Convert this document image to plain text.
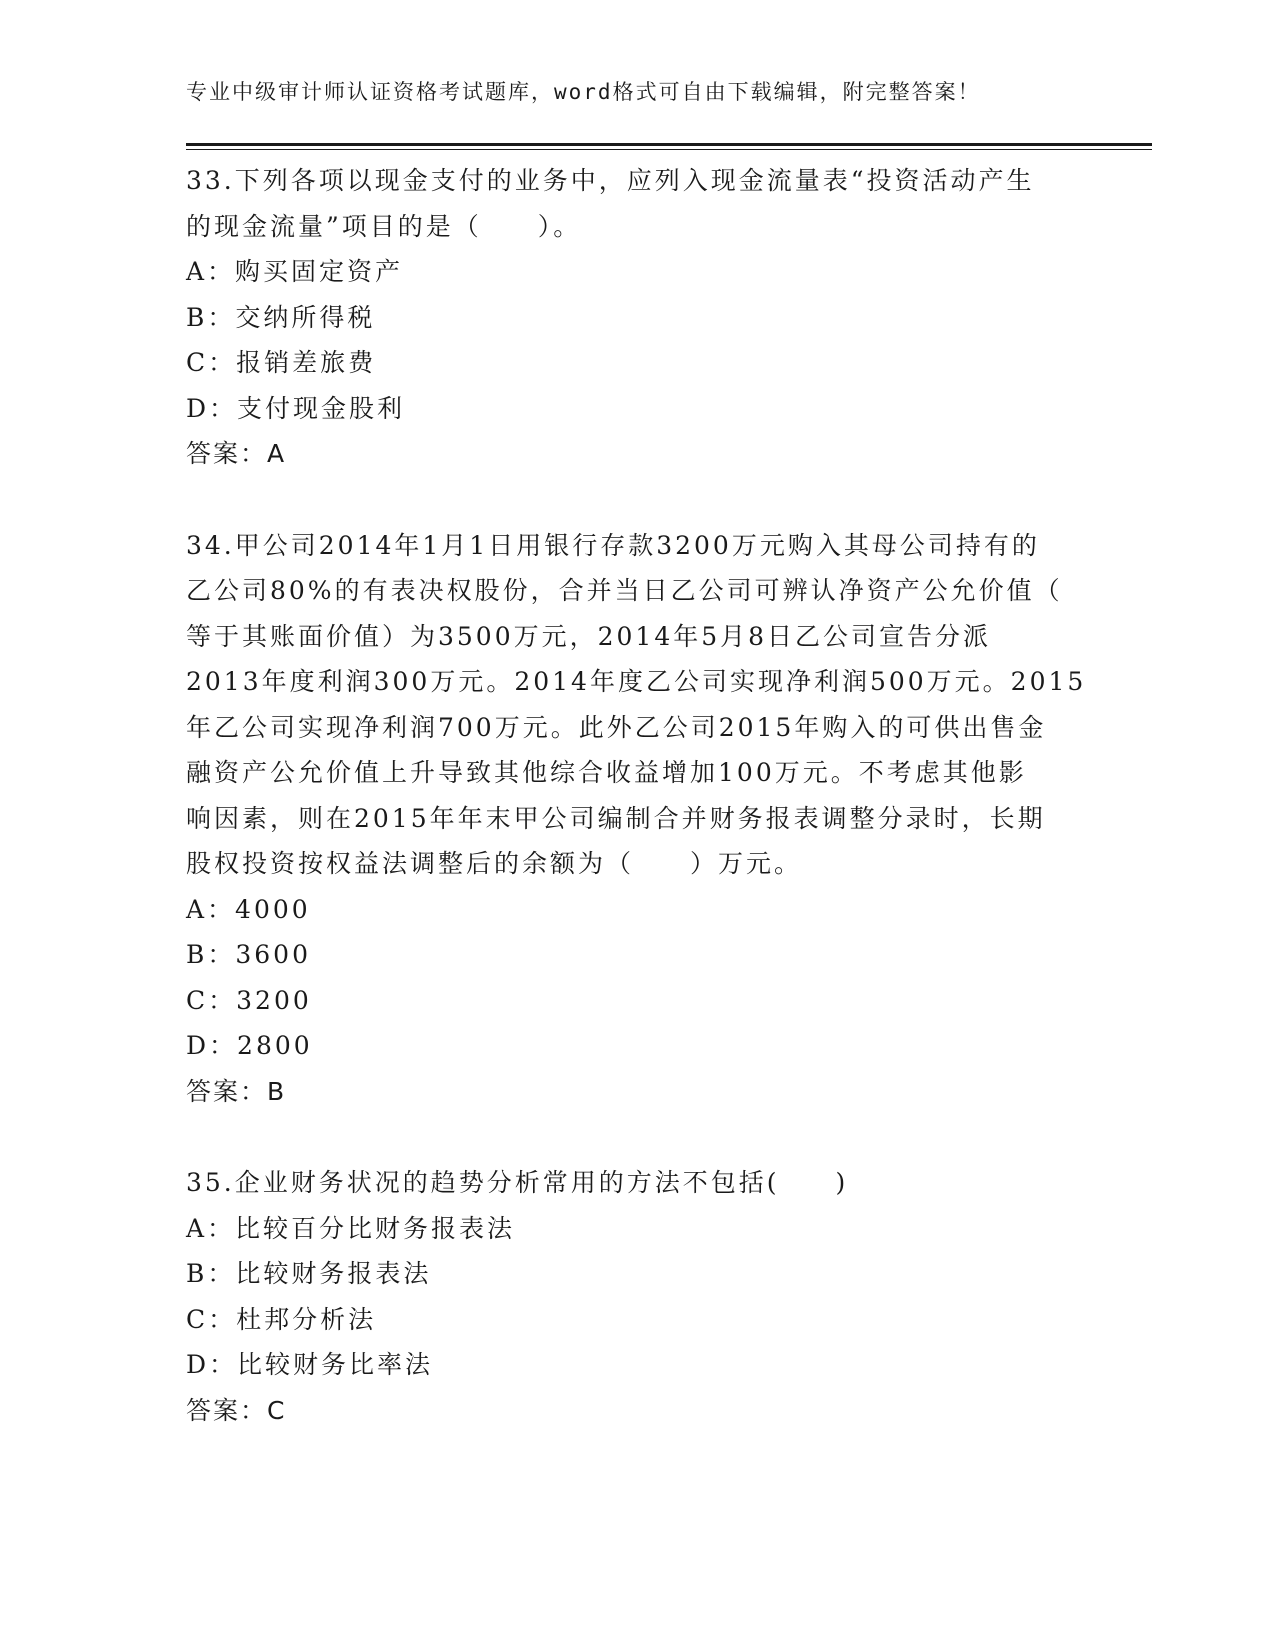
专业中级审计师认证资格考试题库，word格式可自由下载编辑，附完整答案！
33.下列各项以现金支付的业务中，应列入现金流量表“投资活动产生
的现金流量”项目的是（　　）。
A：购买固定资产
B：交纳所得税
C：报销差旅费
D：支付现金股利
答案：A
34.甲公司2014年1月1日用银行存款3200万元购入其母公司持有的
乙公司80%的有表决权股份，合并当日乙公司可辨认净资产公允价值（
等于其账面价值）为3500万元，2014年5月8日乙公司宣告分派
2013年度利润300万元。2014年度乙公司实现净利润500万元。2015
年乙公司实现净利润700万元。此外乙公司2015年购入的可供出售金
融资产公允价值上升导致其他综合收益增加100万元。不考虑其他影
响因素，则在2015年年末甲公司编制合并财务报表调整分录时，长期
股权投资按权益法调整后的余额为（　　）万元。
A：4000
B：3600
C：3200
D：2800
答案：B
35.企业财务状况的趋势分析常用的方法不包括(　　)
A：比较百分比财务报表法
B：比较财务报表法
C：杜邦分析法
D：比较财务比率法
答案：C
